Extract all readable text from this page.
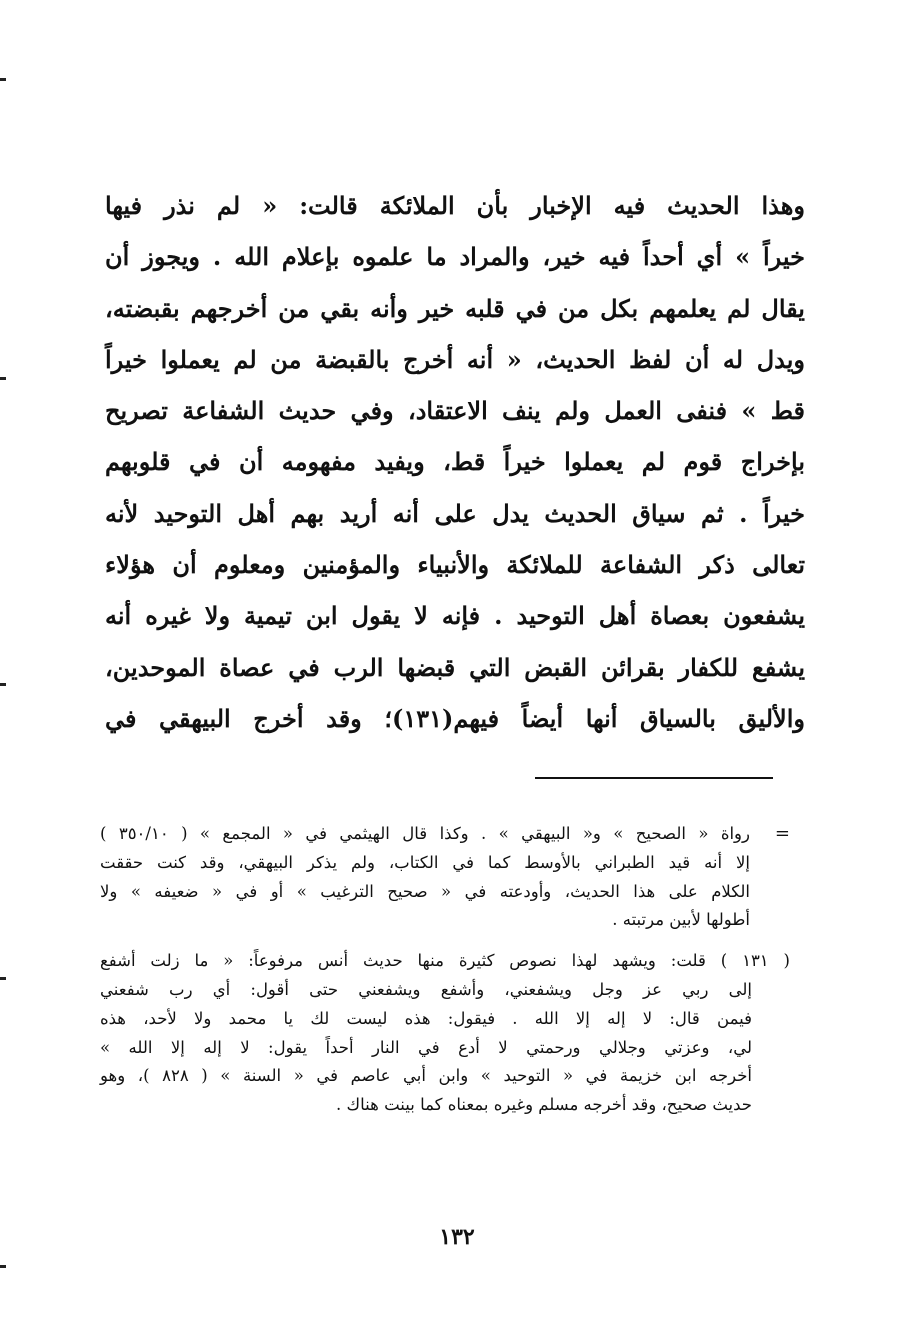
وهذا الحديث فيه الإخبار بأن الملائكة قالت: « لم نذر فيها
خيراً » أي أحداً فيه خير، والمراد ما علموه بإعلام الله . ويجوز أن
يقال لم يعلمهم بكل من في قلبه خير وأنه بقي من أخرجهم بقبضته،
ويدل له أن لفظ الحديث، « أنه أخرج بالقبضة من لم يعملوا خيراً
قط » فنفى العمل ولم ينف الاعتقاد، وفي حديث الشفاعة تصريح
بإخراج قوم لم يعملوا خيراً قط، ويفيد مفهومه أن في قلوبهم
خيراً . ثم سياق الحديث يدل على أنه أريد بهم أهل التوحيد لأنه
تعالى ذكر الشفاعة للملائكة والأنبياء والمؤمنين ومعلوم أن هؤلاء
يشفعون بعصاة أهل التوحيد . فإنه لا يقول ابن تيمية ولا غيره أنه
يشفع للكفار بقرائن القبض التي قبضها الرب في عصاة الموحدين،
والأليق بالسياق أنها أيضاً فيهم(١٣١)؛ وقد أخرج البيهقي في
=
رواة « الصحيح » و« البيهقي » . وكذا قال الهيثمي في « المجمع » ( ٣٥٠/١٠ )
إلا أنه قيد الطبراني بالأوسط كما في الكتاب، ولم يذكر البيهقي، وقد كنت حققت
الكلام على هذا الحديث، وأودعته في « صحيح الترغيب » أو في « ضعيفه » ولا
أطولها لأبين مرتبته .
( ١٣١ ) قلت: ويشهد لهذا نصوص كثيرة منها حديث أنس مرفوعاً: « ما زلت أشفع
إلى ربي عز وجل ويشفعني، وأشفع ويشفعني حتى أقول: أي رب شفعني
فيمن قال: لا إله إلا الله . فيقول: هذه ليست لك يا محمد ولا لأحد، هذه
لي، وعزتي وجلالي ورحمتي لا أدع في النار أحداً يقول: لا إله إلا الله »
أخرجه ابن خزيمة في « التوحيد » وابن أبي عاصم في « السنة » ( ٨٢٨ )، وهو
حديث صحيح، وقد أخرجه مسلم وغيره بمعناه كما بينت هناك .
١٣٢
